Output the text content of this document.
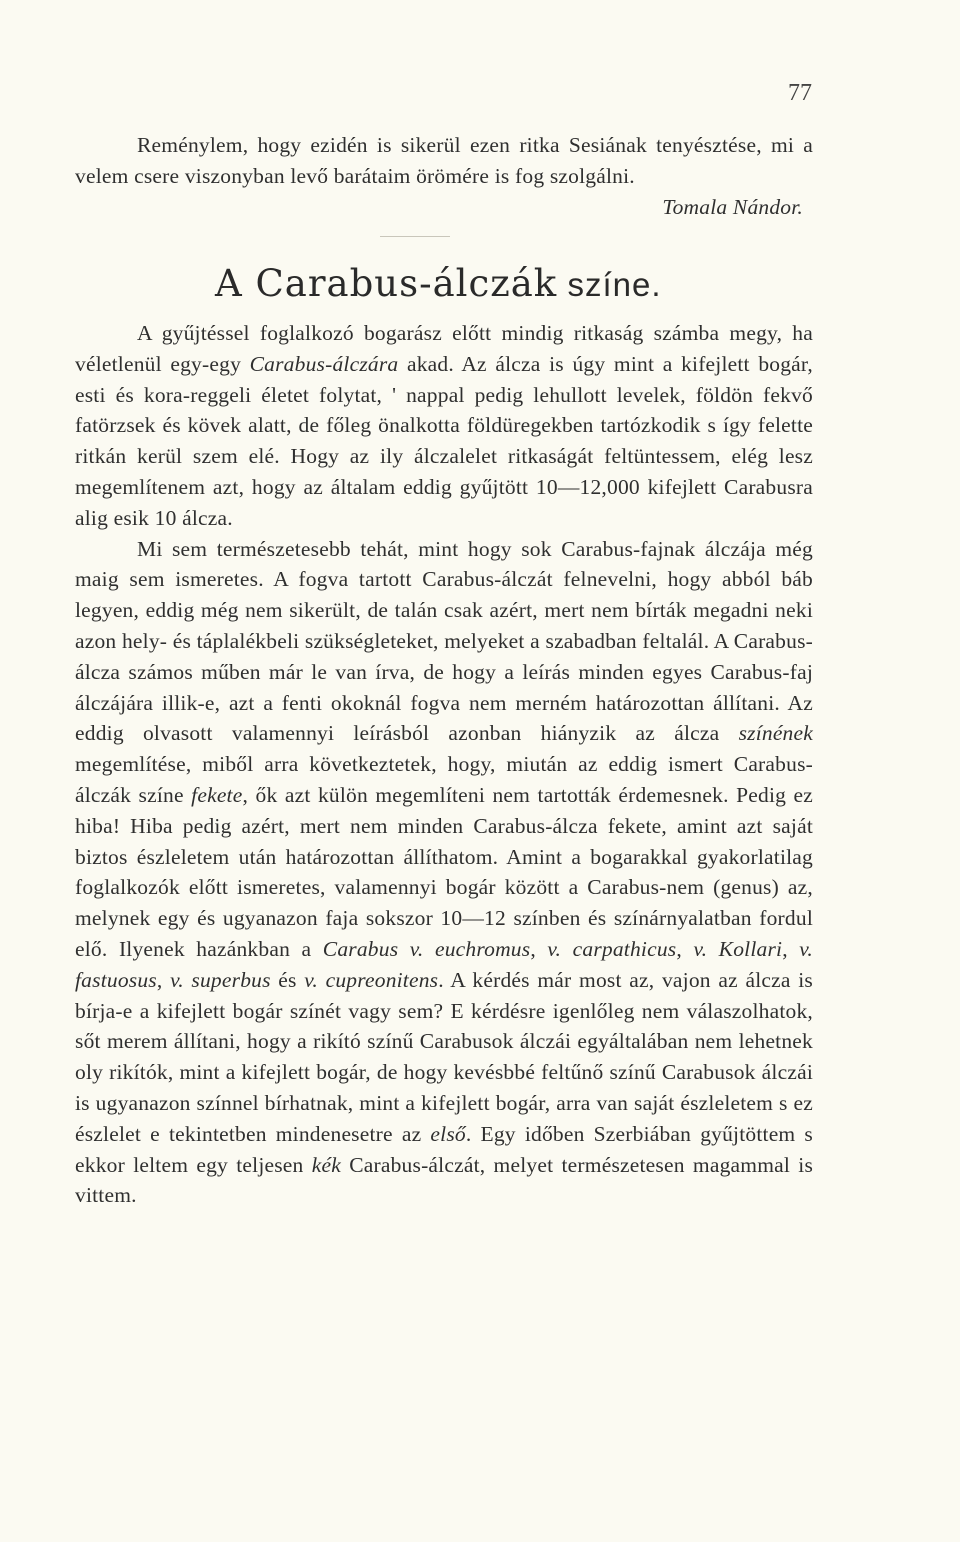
77

Reménylem, hogy ezidén is sikerül ezen ritka Sesiának tenyésztése, mi a velem csere viszonyban levő barátaim örömére is fog szolgálni.

Tomala Nándor.

A Carabus-álczák színe.

A gyűjtéssel foglalkozó bogarász előtt mindig ritkaság számba megy, ha véletlenül egy-egy Carabus-álczára akad. Az álcza is úgy mint a kifejlett bogár, esti és kora-reggeli életet folytat, ' nappal pedig lehullott levelek, földön fekvő fatörzsek és kövek alatt, de főleg önalkotta földüregekben tartózkodik s így felette ritkán kerül szem elé. Hogy az ily álczalelet ritkaságát feltüntessem, elég lesz megemlítenem azt, hogy az általam eddig gyűjtött 10—12,000 kifejlett Carabusra alig esik 10 álcza.

Mi sem természetesebb tehát, mint hogy sok Carabus-fajnak álczája még maig sem ismeretes. A fogva tartott Carabus-álczát felnevelni, hogy abból báb legyen, eddig még nem sikerült, de talán csak azért, mert nem bírták megadni neki azon hely- és táplalékbeli szükségleteket, melyeket a szabadban feltalál. A Carabus-álcza számos műben már le van írva, de hogy a leírás minden egyes Carabus-faj álczájára illik-e, azt a fenti okoknál fogva nem merném határozottan állítani. Az eddig olvasott valamennyi leírásból azonban hiányzik az álcza színének megemlítése, miből arra következtetek, hogy, miután az eddig ismert Carabus-álczák színe fekete, ők azt külön megemlíteni nem tartották érdemesnek. Pedig ez hiba! Hiba pedig azért, mert nem minden Carabus-álcza fekete, amint azt saját biztos észleletem után határozottan állíthatom. Amint a bogarakkal gyakorlatilag foglalkozók előtt ismeretes, valamennyi bogár között a Carabus-nem (genus) az, melynek egy és ugyanazon faja sokszor 10—12 színben és színárnyalatban fordul elő. Ilyenek hazánkban a Carabus v. euchromus, v. carpathicus, v. Kollari, v. fastuosus, v. superbus és v. cupreonitens. A kérdés már most az, vajon az álcza is bírja-e a kifejlett bogár színét vagy sem? E kérdésre igenlőleg nem válaszolhatok, sőt merem állítani, hogy a rikító színű Carabusok álczái egyáltalában nem lehetnek oly rikítók, mint a kifejlett bogár, de hogy kevésbbé feltűnő színű Carabusok álczái is ugyanazon színnel bírhatnak, mint a kifejlett bogár, arra van saját észleletem s ez észlelet e tekintetben mindenesetre az első. Egy időben Szerbiában gyűjtöttem s ekkor leltem egy teljesen kék Carabus-álczát, melyet természetesen magammal is vittem.
